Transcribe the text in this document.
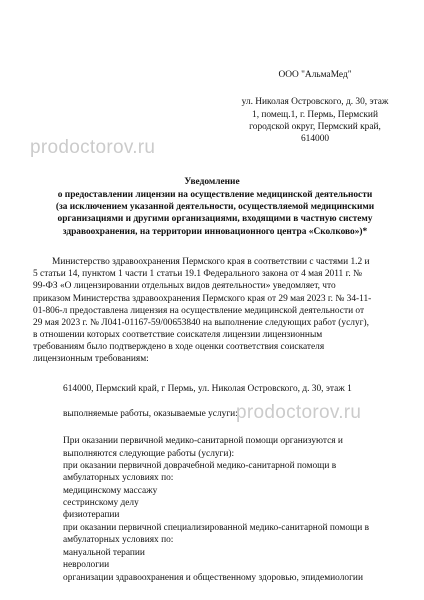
prodoctorov.ru
prodoctorov.ru
ООО "АльмаМед"
ул. Николая Островского, д. 30, этаж
1, помещ.1, г. Пермь, Пермский
городской округ, Пермский край,
614000
Уведомление
о предоставлении лицензии на осуществление медицинской деятельности
(за исключением указанной деятельности, осуществляемой медицинскими
организациями и другими организациями, входящими в частную систему
здравоохранения, на территории инновационного центра «Сколково»)*
Министерство здравоохранения Пермского края в соответствии с частями 1.2 и
5 статьи 14, пунктом 1 части 1 статьи 19.1 Федерального закона от 4 мая 2011 г. №
99-ФЗ «О лицензировании отдельных видов деятельности» уведомляет, что
приказом Министерства здравоохранения Пермского края от 29 мая 2023 г. № 34-11-
01-806-л предоставлена лицензия на осуществление медицинской деятельности от
29 мая 2023 г. № Л041-01167-59/00653840 на выполнение следующих работ (услуг),
в отношении которых соответствие соискателя лицензии лицензионным
требованиям было подтверждено в ходе оценки соответствия соискателя
лицензионным требованиям:
614000, Пермский край, г Пермь, ул. Николая Островского, д. 30, этаж 1
выполняемые работы, оказываемые услуги:
При оказании первичной медико-санитарной помощи организуются и
выполняются следующие работы (услуги):
при оказании первичной доврачебной медико-санитарной помощи в
амбулаторных условиях по:
медицинскому массажу
сестринскому делу
физиотерапии
при оказании первичной специализированной медико-санитарной помощи в
амбулаторных условиях по:
мануальной терапии
неврологии
организации здравоохранения и общественному здоровью, эпидемиологии
